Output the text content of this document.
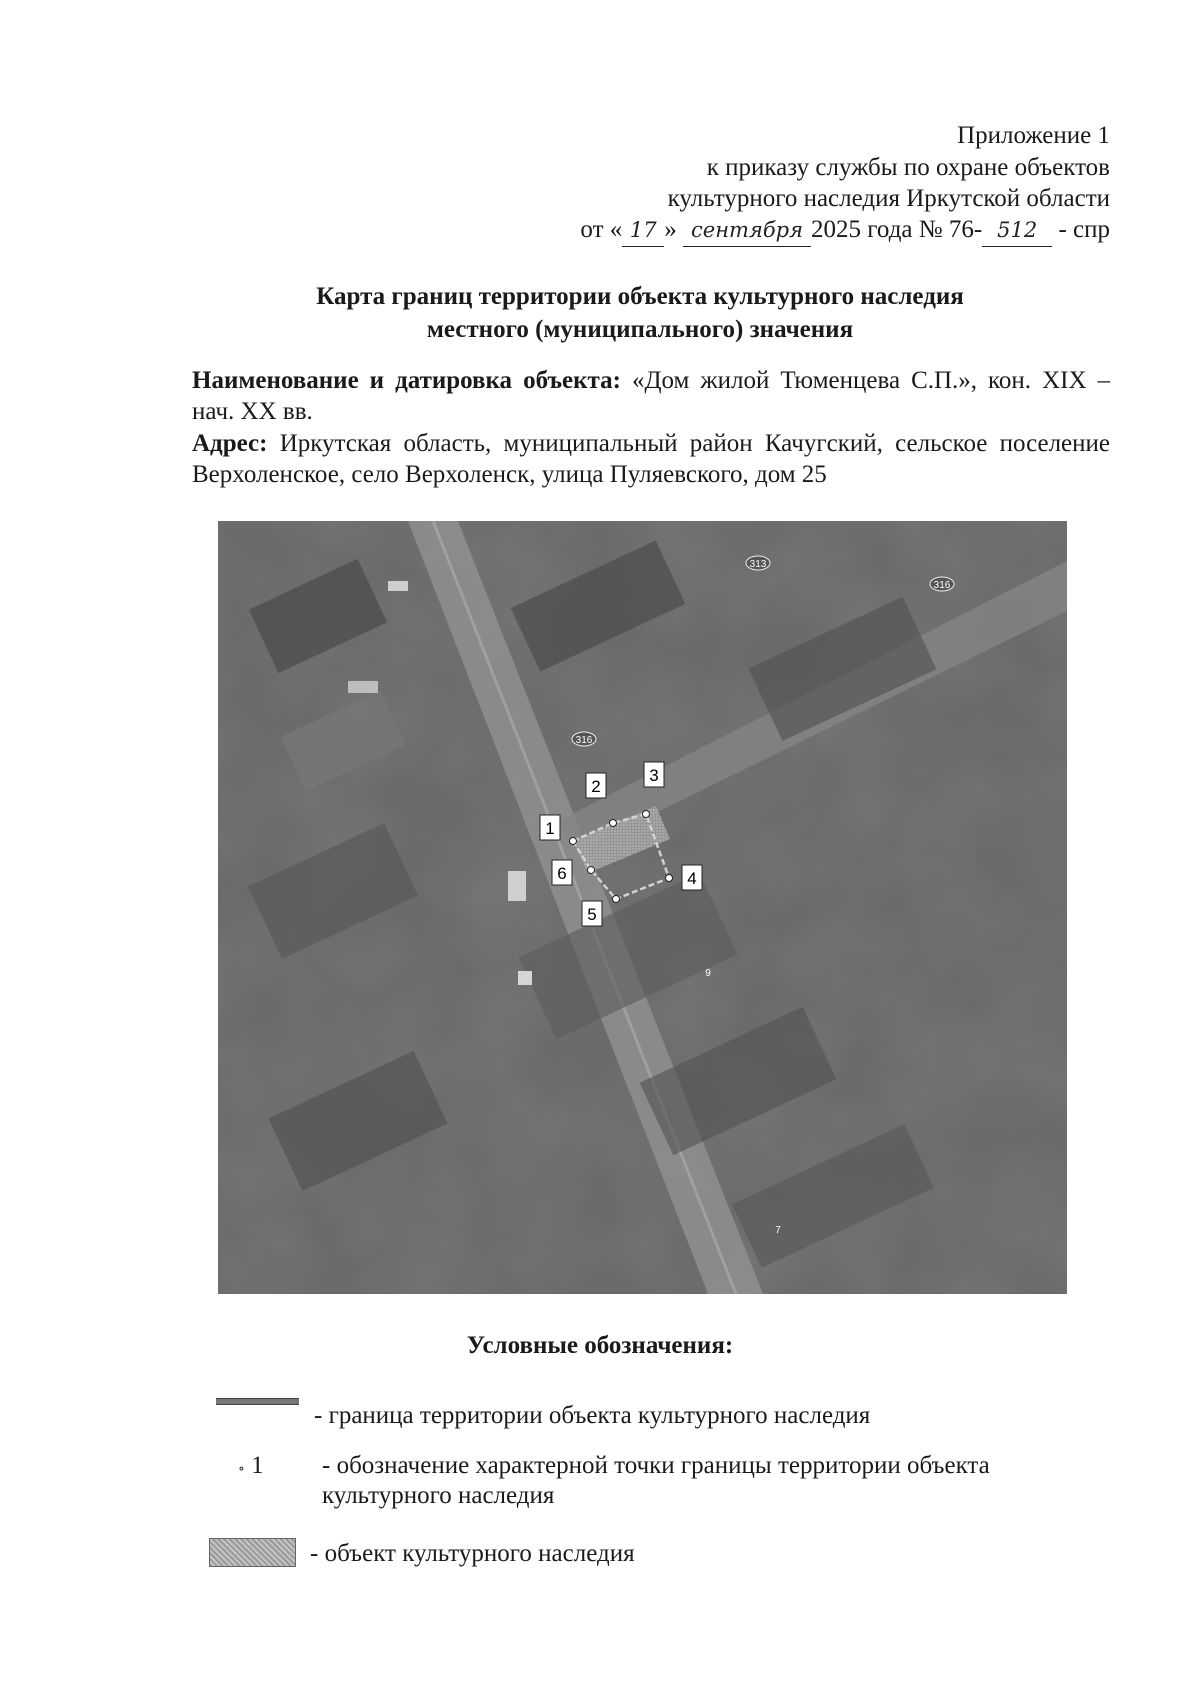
Приложение 1
к приказу службы по охране объектов
культурного наследия Иркутской области
от « 17 » сентября 2025 года № 76- 512 - спр
Карта границ территории объекта культурного наследия
местного (муниципального) значения
Наименование и датировка объекта: «Дом жилой Тюменцева С.П.», кон. XIX – нач. XX вв.
Адрес: Иркутская область, муниципальный район Качугский, сельское поселение Верхоленское, село Верхоленск, улица Пуляевского, дом 25
1
2
3
4
5
6
313
316
316
9
7
Условные обозначения:
- граница территории объекта культурного наследия
∘ 1 - обозначение характерной точки границы территории объекта культурного наследия
- объект культурного наследия
